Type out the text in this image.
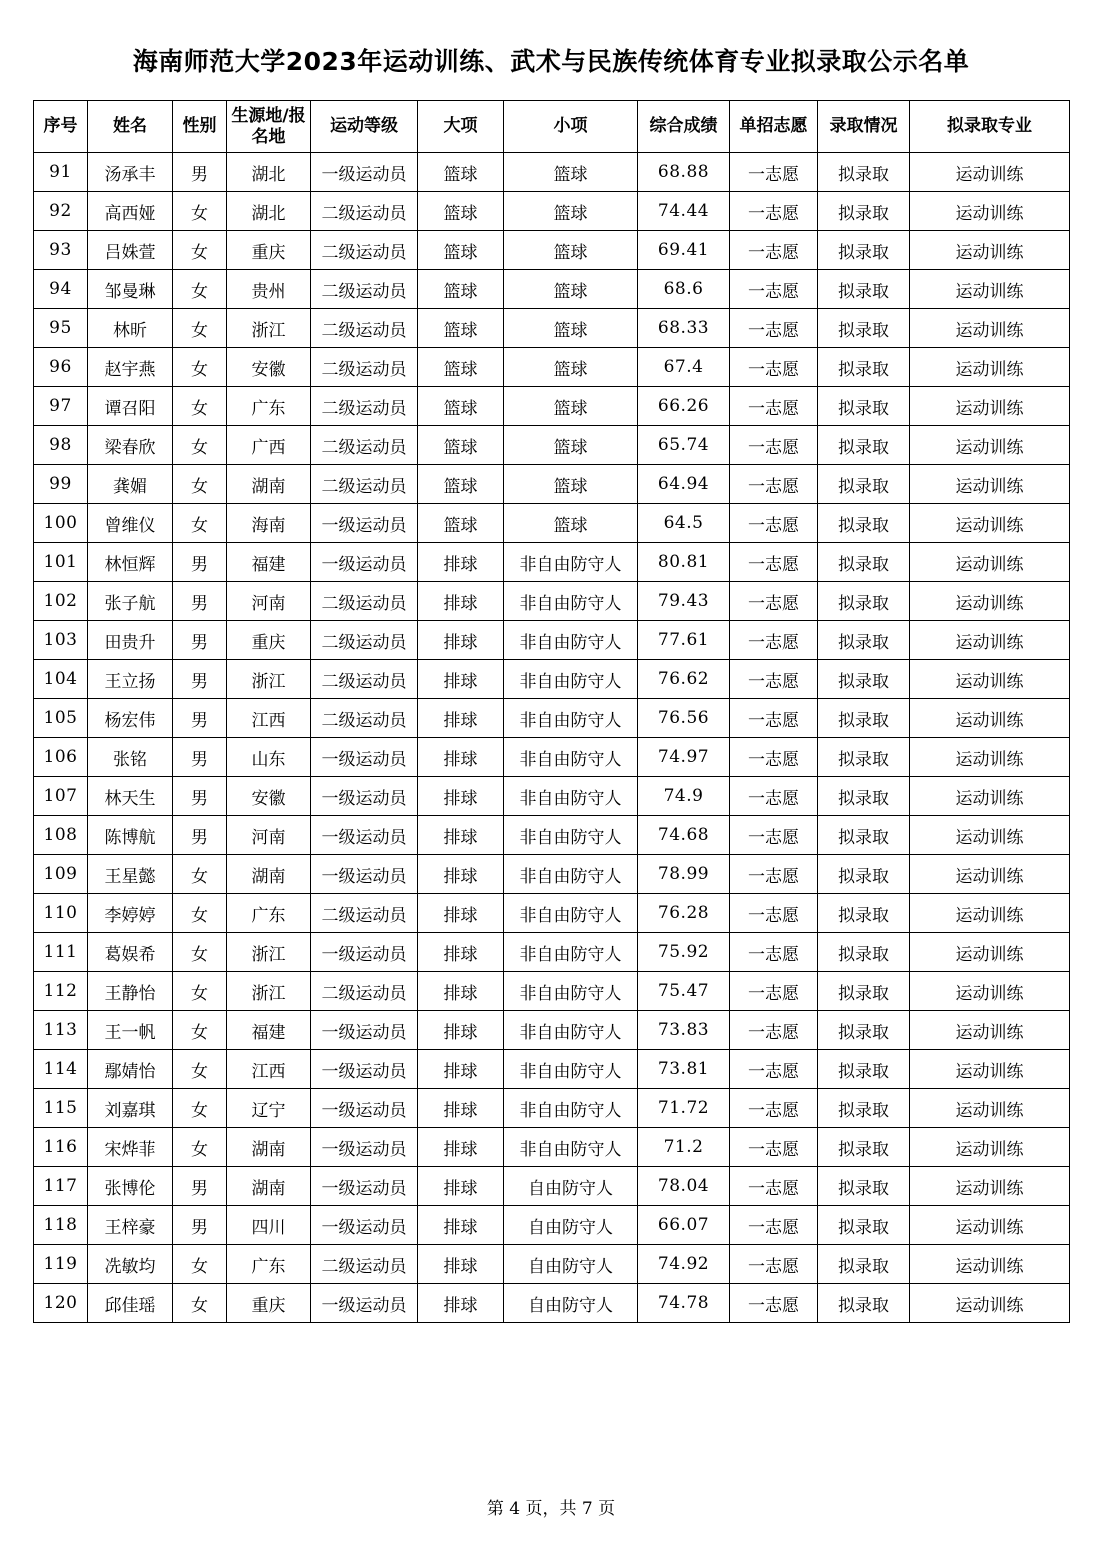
海南师范大学2023年运动训练、武术与民族传统体育专业拟录取公示名单
序号	姓名	性别	生源地/报名地	运动等级	大项	小项	综合成绩	单招志愿	录取情况	拟录取专业
91	汤承丰	男	湖北	一级运动员	篮球	篮球	68.88	一志愿	拟录取	运动训练
92	高西娅	女	湖北	二级运动员	篮球	篮球	74.44	一志愿	拟录取	运动训练
93	吕姝萱	女	重庆	二级运动员	篮球	篮球	69.41	一志愿	拟录取	运动训练
94	邹曼琳	女	贵州	二级运动员	篮球	篮球	68.6	一志愿	拟录取	运动训练
95	林昕	女	浙江	二级运动员	篮球	篮球	68.33	一志愿	拟录取	运动训练
96	赵宇燕	女	安徽	二级运动员	篮球	篮球	67.4	一志愿	拟录取	运动训练
97	谭召阳	女	广东	二级运动员	篮球	篮球	66.26	一志愿	拟录取	运动训练
98	梁春欣	女	广西	二级运动员	篮球	篮球	65.74	一志愿	拟录取	运动训练
99	龚媚	女	湖南	二级运动员	篮球	篮球	64.94	一志愿	拟录取	运动训练
100	曾维仪	女	海南	一级运动员	篮球	篮球	64.5	一志愿	拟录取	运动训练
101	林恒辉	男	福建	一级运动员	排球	非自由防守人	80.81	一志愿	拟录取	运动训练
102	张子航	男	河南	二级运动员	排球	非自由防守人	79.43	一志愿	拟录取	运动训练
103	田贵升	男	重庆	二级运动员	排球	非自由防守人	77.61	一志愿	拟录取	运动训练
104	王立扬	男	浙江	二级运动员	排球	非自由防守人	76.62	一志愿	拟录取	运动训练
105	杨宏伟	男	江西	二级运动员	排球	非自由防守人	76.56	一志愿	拟录取	运动训练
106	张铭	男	山东	一级运动员	排球	非自由防守人	74.97	一志愿	拟录取	运动训练
107	林天生	男	安徽	一级运动员	排球	非自由防守人	74.9	一志愿	拟录取	运动训练
108	陈博航	男	河南	一级运动员	排球	非自由防守人	74.68	一志愿	拟录取	运动训练
109	王星懿	女	湖南	一级运动员	排球	非自由防守人	78.99	一志愿	拟录取	运动训练
110	李婷婷	女	广东	二级运动员	排球	非自由防守人	76.28	一志愿	拟录取	运动训练
111	葛娱希	女	浙江	一级运动员	排球	非自由防守人	75.92	一志愿	拟录取	运动训练
112	王静怡	女	浙江	二级运动员	排球	非自由防守人	75.47	一志愿	拟录取	运动训练
113	王一帆	女	福建	一级运动员	排球	非自由防守人	73.83	一志愿	拟录取	运动训练
114	鄢婧怡	女	江西	一级运动员	排球	非自由防守人	73.81	一志愿	拟录取	运动训练
115	刘嘉琪	女	辽宁	一级运动员	排球	非自由防守人	71.72	一志愿	拟录取	运动训练
116	宋烨菲	女	湖南	一级运动员	排球	非自由防守人	71.2	一志愿	拟录取	运动训练
117	张博伦	男	湖南	一级运动员	排球	自由防守人	78.04	一志愿	拟录取	运动训练
118	王梓豪	男	四川	一级运动员	排球	自由防守人	66.07	一志愿	拟录取	运动训练
119	冼敏均	女	广东	二级运动员	排球	自由防守人	74.92	一志愿	拟录取	运动训练
120	邱佳瑶	女	重庆	一级运动员	排球	自由防守人	74.78	一志愿	拟录取	运动训练
第 4 页，共 7 页
